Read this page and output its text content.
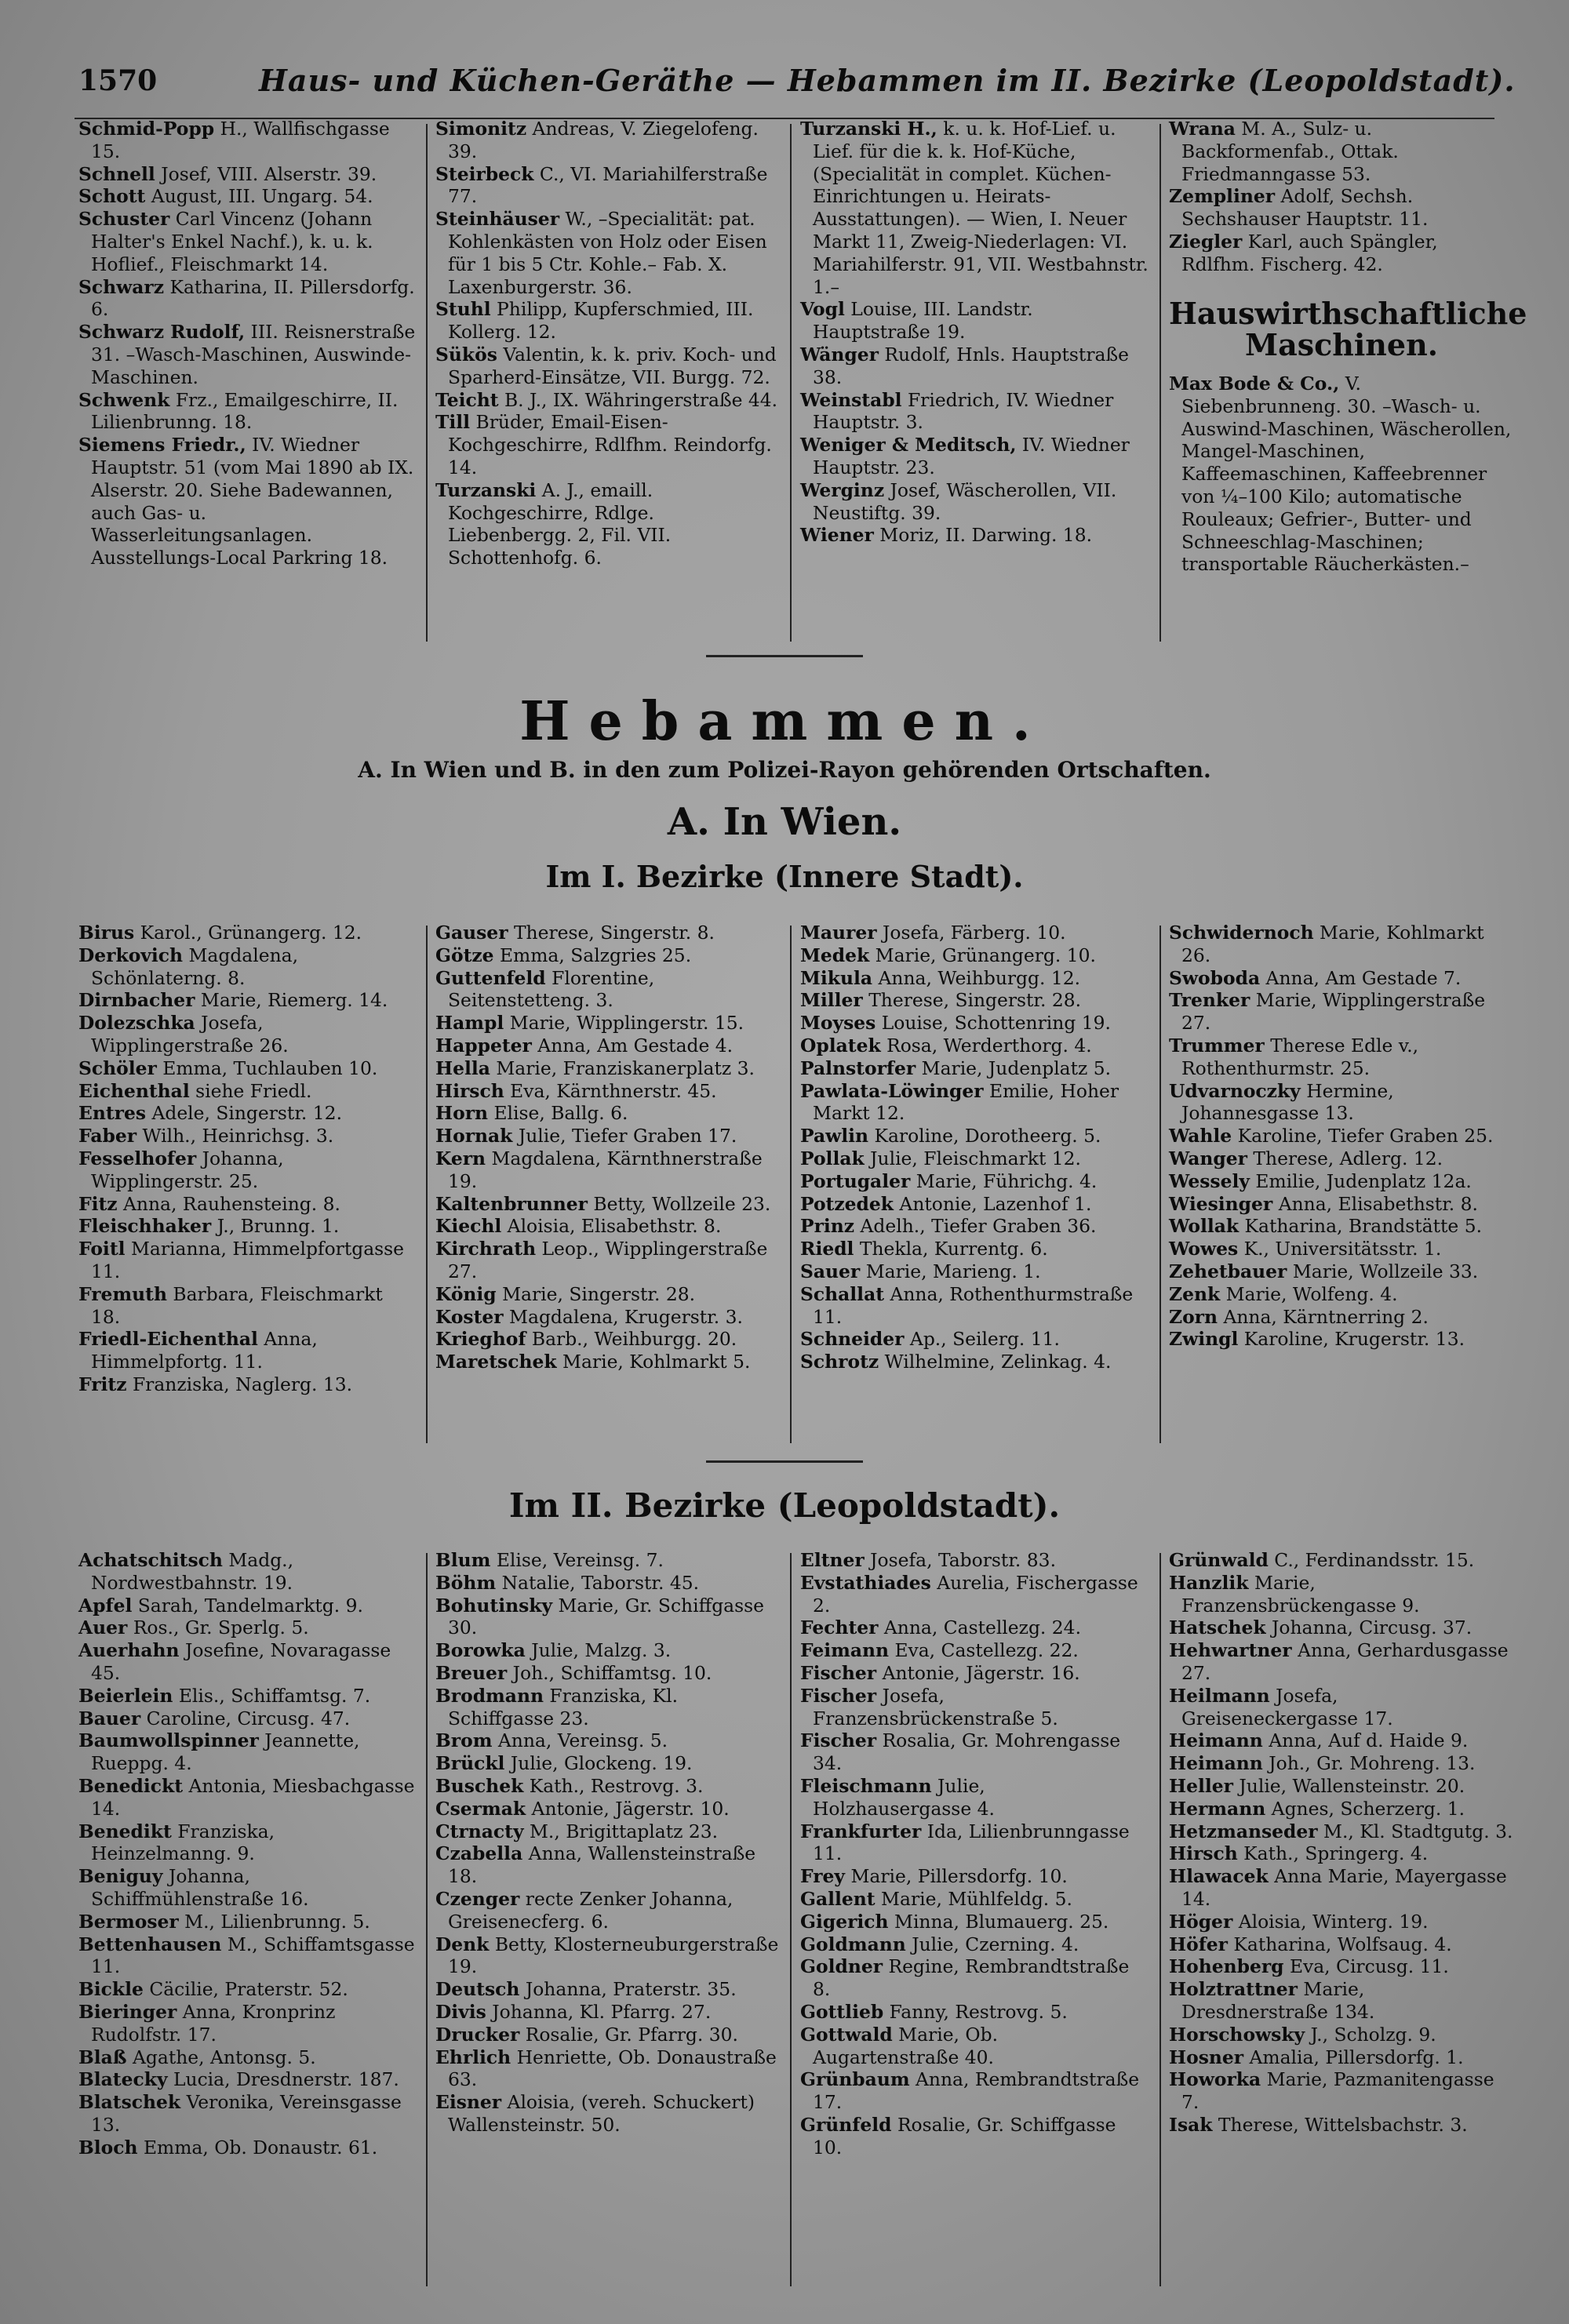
1570	Haus- und Küchen-Geräthe — Hebammen im II. Bezirke (Leopoldstadt).
Schmid-Popp H., Wallfischgasse 15.
Schnell Josef, VIII. Alserstr. 39.
Schott August, III. Ungarg. 54.
Schuster Carl Vincenz (Johann Halter's Enkel Nachf.), k. u. k. Hoflief., Fleischmarkt 14.
Schwarz Katharina, II. Pillersdorfg. 6.
Schwarz Rudolf, III. Reisnerstraße 31. –Wasch-Maschinen, Auswinde-Maschinen.
Schwenk Frz., Emailgeschirre, II. Lilienbrunng. 18.
Siemens Friedr., IV. Wiedner Hauptstr. 51 (vom Mai 1890 ab IX. Alserstr. 20. Siehe Badewannen, auch Gas- u. Wasserleitungsanlagen. Ausstellungs-Local Parkring 18.
Simonitz Andreas, V. Ziegelofeng. 39.
Steirbeck C., VI. Mariahilferstraße 77.
Steinhäuser W., –Specialität: pat. Kohlenkästen von Holz oder Eisen für 1 bis 5 Ctr. Kohle.– Fab. X. Laxenburgerstr. 36.
Stuhl Philipp, Kupferschmied, III. Kollerg. 12.
Sükös Valentin, k. k. priv. Koch- und Sparherd-Einsätze, VII. Burgg. 72.
Teicht B. J., IX. Währingerstraße 44.
Till Brüder, Email-Eisen-Kochgeschirre, Rdlfhm. Reindorfg. 14.
Turzanski A. J., emaill. Kochgeschirre, Rdlge. Liebenbergg. 2, Fil. VII. Schottenhofg. 6.
Turzanski H., k. u. k. Hof-Lief. u. Lief. für die k. k. Hof-Küche, (Specialität in complet. Küchen-Einrichtungen u. Heirats-Ausstattungen). — Wien, I. Neuer Markt 11, Zweig-Niederlagen: VI. Mariahilferstr. 91, VII. Westbahnstr. 1.–
Vogl Louise, III. Landstr. Hauptstraße 19.
Wänger Rudolf, Hnls. Hauptstraße 38.
Weinstabl Friedrich, IV. Wiedner Hauptstr. 3.
Weniger & Meditsch, IV. Wiedner Hauptstr. 23.
Werginz Josef, Wäscherollen, VII. Neustiftg. 39.
Wiener Moriz, II. Darwing. 18.
Wrana M. A., Sulz- u. Backformenfab., Ottak. Friedmanngasse 53.
Zempliner Adolf, Sechsh. Sechshauser Hauptstr. 11.
Ziegler Karl, auch Spängler, Rdlfhm. Fischerg. 42.
Hauswirthschaftliche
Maschinen.
Max Bode & Co., V. Siebenbrunneng. 30. –Wasch- u. Auswind-Maschinen, Wäscherollen, Mangel-Maschinen, Kaffeemaschinen, Kaffeebrenner von ¼–100 Kilo; automatische Rouleaux; Gefrier-, Butter- und Schneeschlag-Maschinen; transportable Räucherkästen.–
Hebammen.
A. In Wien und B. in den zum Polizei-Rayon gehörenden Ortschaften.
A. In Wien.
Im I. Bezirke (Innere Stadt).
Birus Karol., Grünangerg. 12.
Derkovich Magdalena, Schönlaterng. 8.
Dirnbacher Marie, Riemerg. 14.
Dolezschka Josefa, Wipplingerstraße 26.
Schöler Emma, Tuchlauben 10.
Eichenthal siehe Friedl.
Entres Adele, Singerstr. 12.
Faber Wilh., Heinrichsg. 3.
Fesselhofer Johanna, Wipplingerstr. 25.
Fitz Anna, Rauhensteing. 8.
Fleischhaker J., Brunng. 1.
Foitl Marianna, Himmelpfortgasse 11.
Fremuth Barbara, Fleischmarkt 18.
Friedl-Eichenthal Anna, Himmelpfortg. 11.
Fritz Franziska, Naglerg. 13.
Gauser Therese, Singerstr. 8.
Götze Emma, Salzgries 25.
Guttenfeld Florentine, Seitenstetteng. 3.
Hampl Marie, Wipplingerstr. 15.
Happeter Anna, Am Gestade 4.
Hella Marie, Franziskanerplatz 3.
Hirsch Eva, Kärnthnerstr. 45.
Horn Elise, Ballg. 6.
Hornak Julie, Tiefer Graben 17.
Kern Magdalena, Kärnthnerstraße 19.
Kaltenbrunner Betty, Wollzeile 23.
Kiechl Aloisia, Elisabethstr. 8.
Kirchrath Leop., Wipplingerstraße 27.
König Marie, Singerstr. 28.
Koster Magdalena, Krugerstr. 3.
Krieghof Barb., Weihburgg. 20.
Maretschek Marie, Kohlmarkt 5.
Maurer Josefa, Färberg. 10.
Medek Marie, Grünangerg. 10.
Mikula Anna, Weihburgg. 12.
Miller Therese, Singerstr. 28.
Moyses Louise, Schottenring 19.
Oplatek Rosa, Werderthorg. 4.
Palnstorfer Marie, Judenplatz 5.
Pawlata-Löwinger Emilie, Hoher Markt 12.
Pawlin Karoline, Dorotheerg. 5.
Pollak Julie, Fleischmarkt 12.
Portugaler Marie, Führichg. 4.
Potzedek Antonie, Lazenhof 1.
Prinz Adelh., Tiefer Graben 36.
Riedl Thekla, Kurrentg. 6.
Sauer Marie, Marieng. 1.
Schallat Anna, Rothenthurmstraße 11.
Schneider Ap., Seilerg. 11.
Schrotz Wilhelmine, Zelinkag. 4.
Schwidernoch Marie, Kohlmarkt 26.
Swoboda Anna, Am Gestade 7.
Trenker Marie, Wipplingerstraße 27.
Trummer Therese Edle v., Rothenthurmstr. 25.
Udvarnoczky Hermine, Johannesgasse 13.
Wahle Karoline, Tiefer Graben 25.
Wanger Therese, Adlerg. 12.
Wessely Emilie, Judenplatz 12a.
Wiesinger Anna, Elisabethstr. 8.
Wollak Katharina, Brandstätte 5.
Wowes K., Universitätsstr. 1.
Zehetbauer Marie, Wollzeile 33.
Zenk Marie, Wolfeng. 4.
Zorn Anna, Kärntnerring 2.
Zwingl Karoline, Krugerstr. 13.
Im II. Bezirke (Leopoldstadt).
Achatschitsch Madg., Nordwestbahnstr. 19.
Apfel Sarah, Tandelmarktg. 9.
Auer Ros., Gr. Sperlg. 5.
Auerhahn Josefine, Novaragasse 45.
Beierlein Elis., Schiffamtsg. 7.
Bauer Caroline, Circusg. 47.
Baumwollspinner Jeannette, Rueppg. 4.
Benedickt Antonia, Miesbachgasse 14.
Benedikt Franziska, Heinzelmanng. 9.
Beniguy Johanna, Schiffmühlenstraße 16.
Bermoser M., Lilienbrunng. 5.
Bettenhausen M., Schiffamtsgasse 11.
Bickle Cäcilie, Praterstr. 52.
Bieringer Anna, Kronprinz Rudolfstr. 17.
Blaß Agathe, Antonsg. 5.
Blatecky Lucia, Dresdnerstr. 187.
Blatschek Veronika, Vereinsgasse 13.
Bloch Emma, Ob. Donaustr. 61.
Blum Elise, Vereinsg. 7.
Böhm Natalie, Taborstr. 45.
Bohutinsky Marie, Gr. Schiffgasse 30.
Borowka Julie, Malzg. 3.
Breuer Joh., Schiffamtsg. 10.
Brodmann Franziska, Kl. Schiffgasse 23.
Brom Anna, Vereinsg. 5.
Brückl Julie, Glockeng. 19.
Buschek Kath., Restrovg. 3.
Csermak Antonie, Jägerstr. 10.
Ctrnacty M., Brigittaplatz 23.
Czabella Anna, Wallensteinstraße 18.
Czenger recte Zenker Johanna, Greisenecferg. 6.
Denk Betty, Klosterneuburgerstraße 19.
Deutsch Johanna, Praterstr. 35.
Divis Johanna, Kl. Pfarrg. 27.
Drucker Rosalie, Gr. Pfarrg. 30.
Ehrlich Henriette, Ob. Donaustraße 63.
Eisner Aloisia, (vereh. Schuckert) Wallensteinstr. 50.
Eltner Josefa, Taborstr. 83.
Evstathiades Aurelia, Fischergasse 2.
Fechter Anna, Castellezg. 24.
Feimann Eva, Castellezg. 22.
Fischer Antonie, Jägerstr. 16.
Fischer Josefa, Franzensbrückenstraße 5.
Fischer Rosalia, Gr. Mohrengasse 34.
Fleischmann Julie, Holzhausergasse 4.
Frankfurter Ida, Lilienbrunngasse 11.
Frey Marie, Pillersdorfg. 10.
Gallent Marie, Mühlfeldg. 5.
Gigerich Minna, Blumauerg. 25.
Goldmann Julie, Czerning. 4.
Goldner Regine, Rembrandtstraße 8.
Gottlieb Fanny, Restrovg. 5.
Gottwald Marie, Ob. Augartenstraße 40.
Grünbaum Anna, Rembrandtstraße 17.
Grünfeld Rosalie, Gr. Schiffgasse 10.
Grünwald C., Ferdinandsstr. 15.
Hanzlik Marie, Franzensbrückengasse 9.
Hatschek Johanna, Circusg. 37.
Hehwartner Anna, Gerhardusgasse 27.
Heilmann Josefa, Greiseneckergasse 17.
Heimann Anna, Auf d. Haide 9.
Heimann Joh., Gr. Mohreng. 13.
Heller Julie, Wallensteinstr. 20.
Hermann Agnes, Scherzerg. 1.
Hetzmanseder M., Kl. Stadtgutg. 3.
Hirsch Kath., Springerg. 4.
Hlawacek Anna Marie, Mayergasse 14.
Höger Aloisia, Winterg. 19.
Höfer Katharina, Wolfsaug. 4.
Hohenberg Eva, Circusg. 11.
Holztrattner Marie, Dresdnerstraße 134.
Horschowsky J., Scholzg. 9.
Hosner Amalia, Pillersdorfg. 1.
Howorka Marie, Pazmanitengasse 7.
Isak Therese, Wittelsbachstr. 3.
